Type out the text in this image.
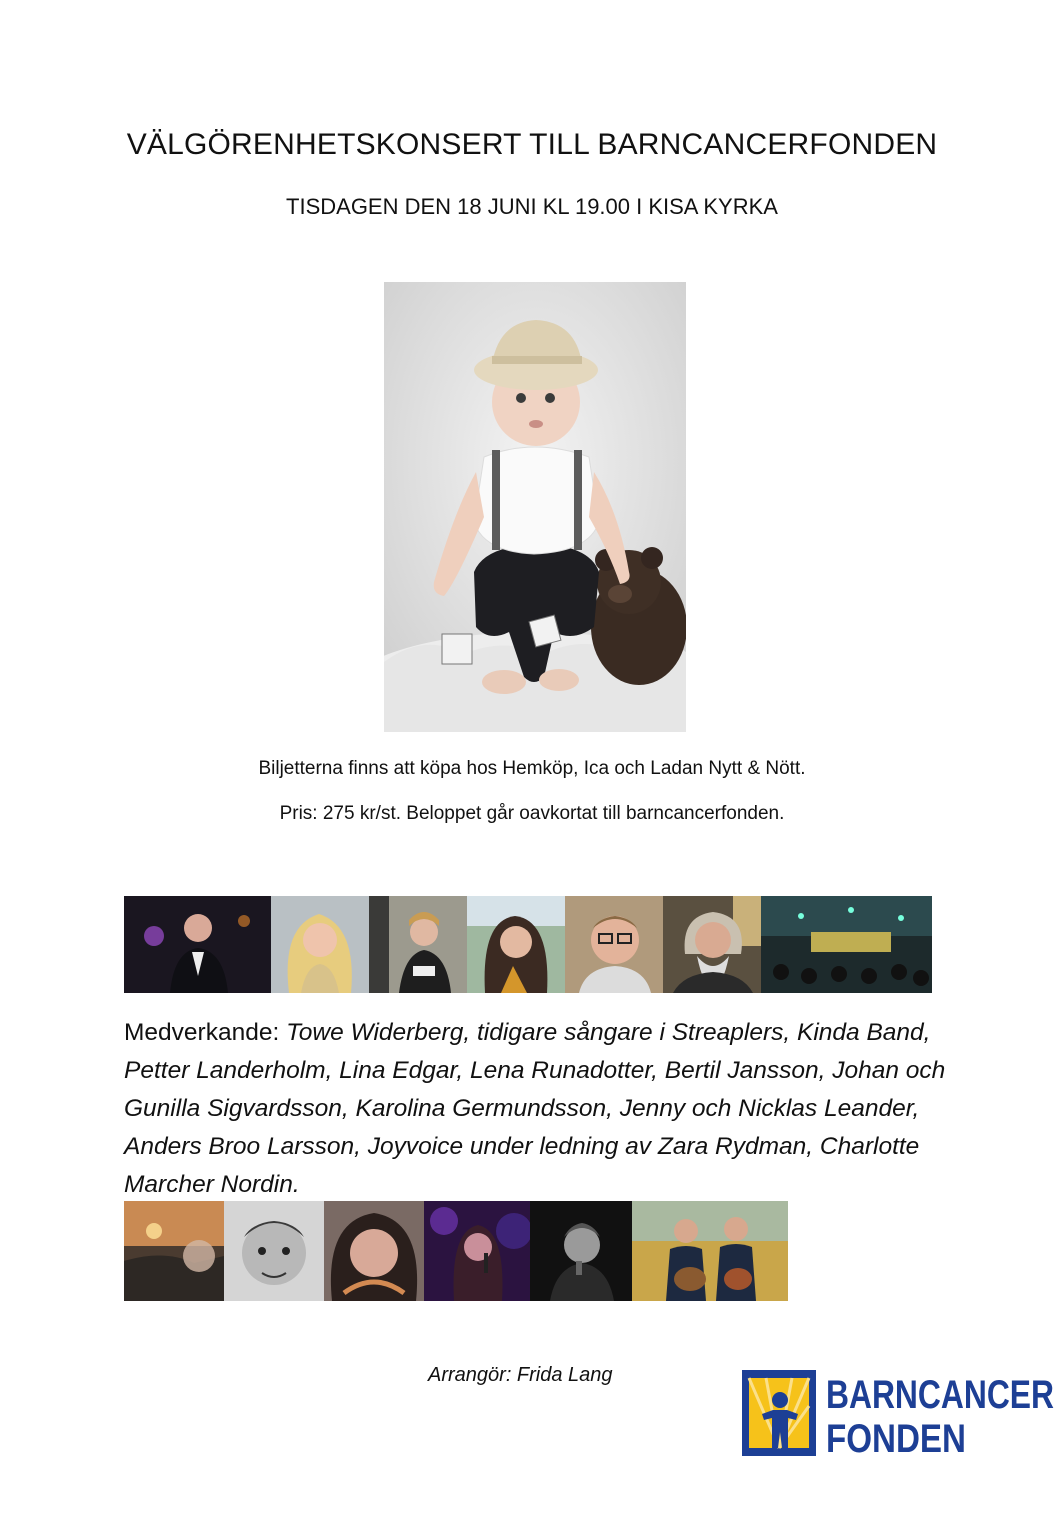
VÄLGÖRENHETSKONSERT TILL BARNCANCERFONDEN
TISDAGEN DEN 18 JUNI KL 19.00 I KISA KYRKA
Biljetterna finns att köpa hos Hemköp, Ica och Ladan Nytt & Nött.
Pris: 275 kr/st. Beloppet går oavkortat till barncancerfonden.
Medverkande: Towe Widerberg, tidigare sångare i Streaplers, Kinda Band, Petter Landerholm, Lina Edgar, Lena Runadotter, Bertil Jansson, Johan och Gunilla Sigvardsson, Karolina Germundsson, Jenny och Nicklas Leander, Anders Broo Larsson, Joyvoice under ledning av Zara Rydman, Charlotte Marcher Nordin.
Arrangör: Frida Lang	BARNCANCER
FONDEN
